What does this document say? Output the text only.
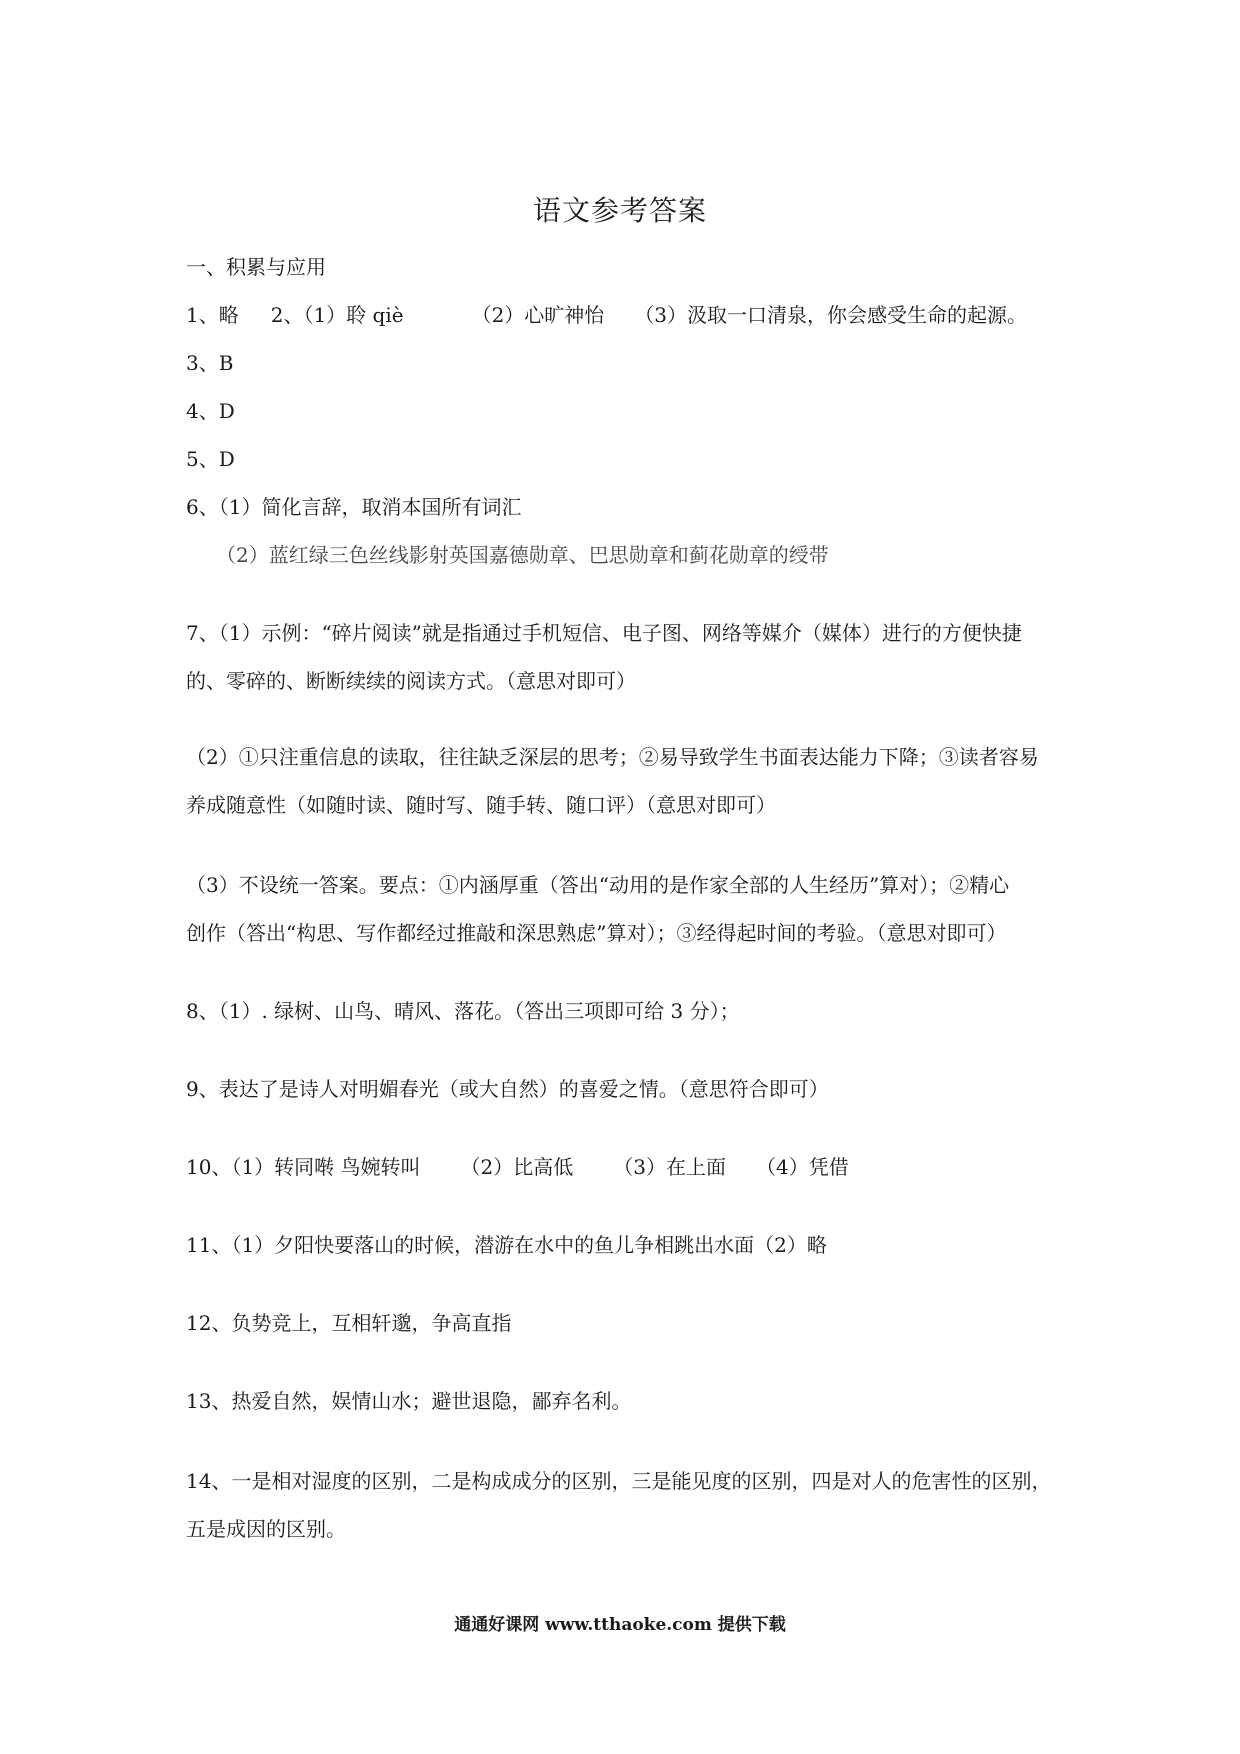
语文参考答案
一、积累与应用
1、略 2、（1）聆 qiè	（2）心旷神怡 （3）汲取一口清泉，你会感受生命的起源。
3、B
4、D
5、D
6、（1）简化言辞，取消本国所有词汇
（2）蓝红绿三色丝线影射英国嘉德勋章、巴思勋章和蓟花勋章的绶带
7、（1）示例：“碎片阅读”就是指通过手机短信、电子图、网络等媒介（媒体）进行的方便快捷
的、零碎的、断断续续的阅读方式。（意思对即可）
（2）①只注重信息的读取，往往缺乏深层的思考；②易导致学生书面表达能力下降；③读者容易
养成随意性（如随时读、随时写、随手转、随口评）（意思对即可）
（3）不设统一答案。要点：①内涵厚重（答出“动用的是作家全部的人生经历”算对）；②精心
创作（答出“构思、写作都经过推敲和深思熟虑”算对）；③经得起时间的考验。（意思对即可）
8、（1）. 绿树、山鸟、晴风、落花。（答出三项即可给 3 分）；
9、表达了是诗人对明媚春光（或大自然）的喜爱之情。（意思符合即可）
10、（1）转同啭 鸟婉转叫 （2）比高低 （3）在上面 （4）凭借
11、（1）夕阳快要落山的时候，潜游在水中的鱼儿争相跳出水面（2）略
12、负势竞上，互相轩邈，争高直指
13、热爱自然，娱情山水；避世退隐，鄙弃名利。
14、一是相对湿度的区别，二是构成成分的区别，三是能见度的区别，四是对人的危害性的区别，
五是成因的区别。
通通好课网 www.tthaoke.com 提供下载
